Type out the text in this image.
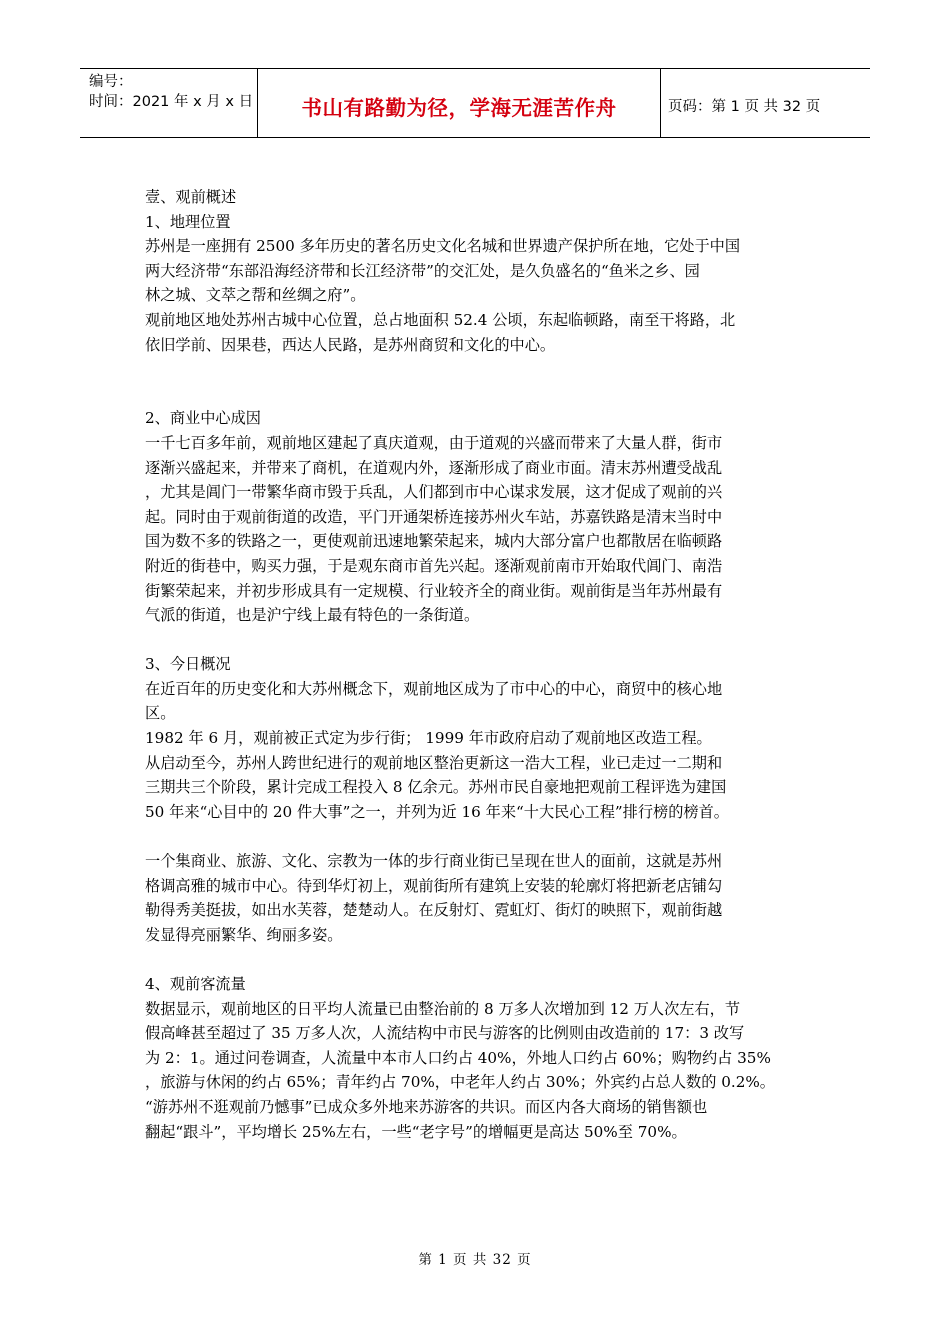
编号：
时间：2021 年 x 月 x 日	书山有路勤为径，学海无涯苦作舟	页码：第 1 页 共 32 页

壹、观前概述

1、地理位置

苏州是一座拥有 2500 多年历史的著名历史文化名城和世界遗产保护所在地，它处于中国

两大经济带“东部沿海经济带和长江经济带”的交汇处，是久负盛名的“鱼米之乡、园

林之城、文萃之帮和丝绸之府”。

观前地区地处苏州古城中心位置，总占地面积 52.4 公顷，东起临顿路，南至干将路，北

依旧学前、因果巷，西达人民路，是苏州商贸和文化的中心。

2、商业中心成因

一千七百多年前，观前地区建起了真庆道观，由于道观的兴盛而带来了大量人群，街市

逐渐兴盛起来，并带来了商机，在道观内外，逐渐形成了商业市面。清末苏州遭受战乱

，尤其是阊门一带繁华商市毁于兵乱，人们都到市中心谋求发展，这才促成了观前的兴

起。同时由于观前街道的改造，平门开通架桥连接苏州火车站，苏嘉铁路是清末当时中

国为数不多的铁路之一，更使观前迅速地繁荣起来，城内大部分富户也都散居在临顿路

附近的街巷中，购买力强，于是观东商市首先兴起。逐渐观前南市开始取代阊门、南浩

街繁荣起来，并初步形成具有一定规模、行业较齐全的商业街。观前街是当年苏州最有

气派的街道，也是沪宁线上最有特色的一条街道。

3、今日概况

在近百年的历史变化和大苏州概念下，观前地区成为了市中心的中心，商贸中的核心地

区。

1982 年 6 月，观前被正式定为步行街； 1999 年市政府启动了观前地区改造工程。

从启动至今，苏州人跨世纪进行的观前地区整治更新这一浩大工程，业已走过一二期和

三期共三个阶段，累计完成工程投入 8 亿余元。苏州市民自豪地把观前工程评选为建国

50 年来“心目中的 20 件大事”之一，并列为近 16 年来“十大民心工程”排行榜的榜首。

一个集商业、旅游、文化、宗教为一体的步行商业街已呈现在世人的面前，这就是苏州

格调高雅的城市中心。待到华灯初上，观前街所有建筑上安装的轮廓灯将把新老店铺勾

勒得秀美挺拔，如出水芙蓉，楚楚动人。在反射灯、霓虹灯、街灯的映照下，观前街越

发显得亮丽繁华、绚丽多姿。

4、观前客流量

数据显示，观前地区的日平均人流量已由整治前的 8 万多人次增加到 12 万人次左右，节

假高峰甚至超过了 35 万多人次，人流结构中市民与游客的比例则由改造前的 17：3 改写

为 2：1。通过问卷调查，人流量中本市人口约占 40%，外地人口约占 60%；购物约占 35%

，旅游与休闲的约占 65%；青年约占 70%，中老年人约占 30%；外宾约占总人数的 0.2%。

“游苏州不逛观前乃憾事”已成众多外地来苏游客的共识。而区内各大商场的销售额也

翻起“跟斗”，平均增长 25%左右，一些“老字号”的增幅更是高达 50%至 70%。

第 1 页 共 32 页
